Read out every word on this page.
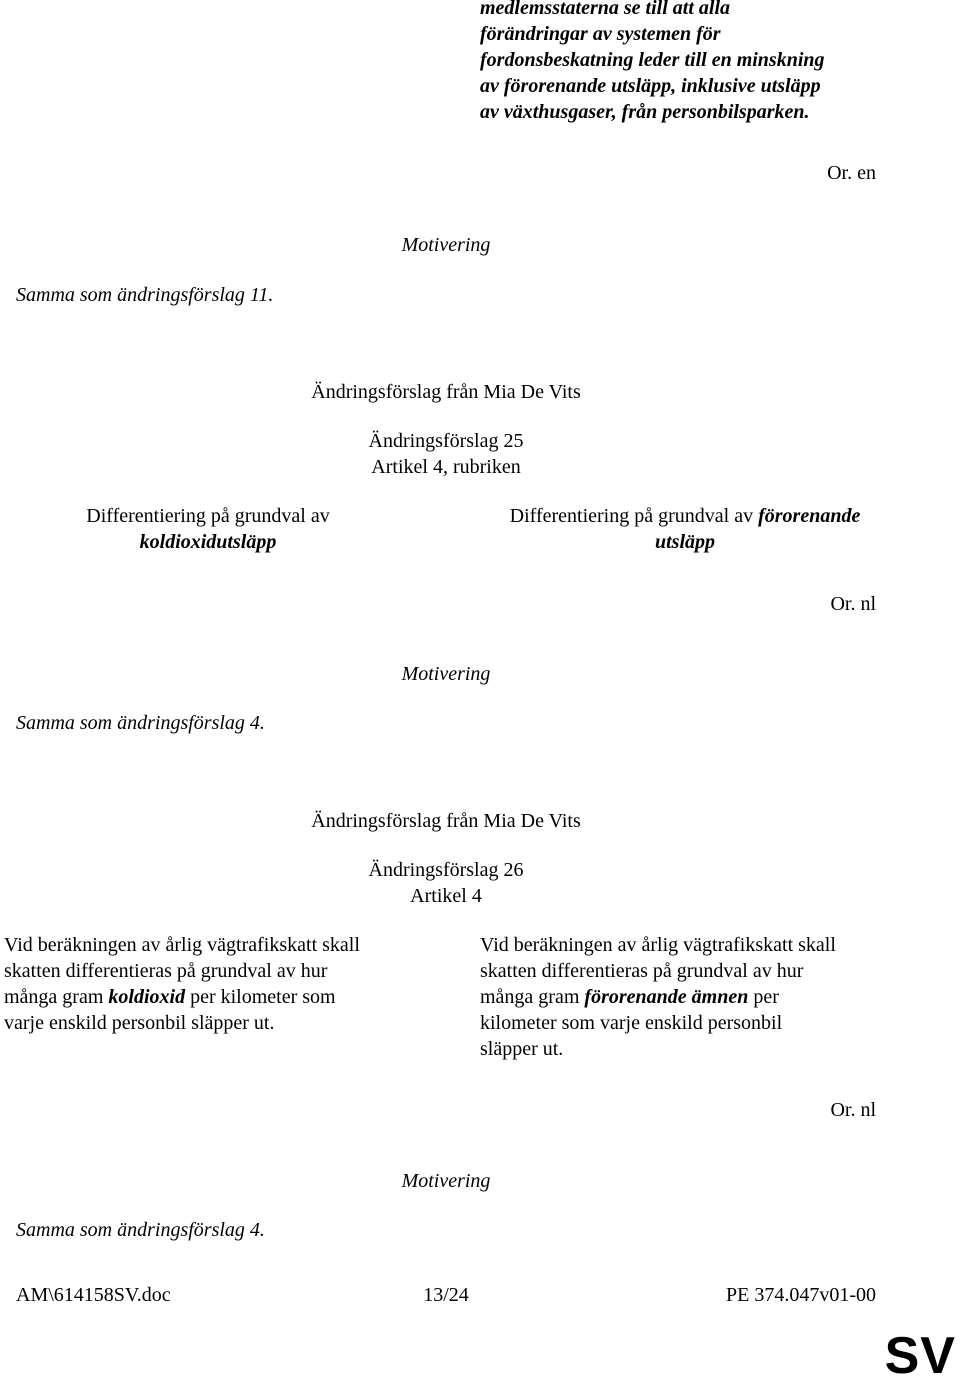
medlemsstaterna se till att alla
förändringar av systemen för
fordonsbeskatning leder till en minskning
av förorenande utsläpp, inklusive utsläpp
av växthusgaser, från personbilsparken.
Or. en
Motivering
Samma som ändringsförslag 11.
Ändringsförslag från Mia De Vits
Ändringsförslag 25
Artikel 4, rubriken
Differentiering på grundval av
koldioxidutsläpp
Differentiering på grundval av förorenande
utsläpp
Or. nl
Motivering
Samma som ändringsförslag 4.
Ändringsförslag från Mia De Vits
Ändringsförslag 26
Artikel 4
Vid beräkningen av årlig vägtrafikskatt skall
skatten differentieras på grundval av hur
många gram koldioxid per kilometer som
varje enskild personbil släpper ut.
Vid beräkningen av årlig vägtrafikskatt skall
skatten differentieras på grundval av hur
många gram förorenande ämnen per
kilometer som varje enskild personbil
släpper ut.
Or. nl
Motivering
Samma som ändringsförslag 4.
AM\614158SV.doc	13/24	PE 374.047v01-00
SV
